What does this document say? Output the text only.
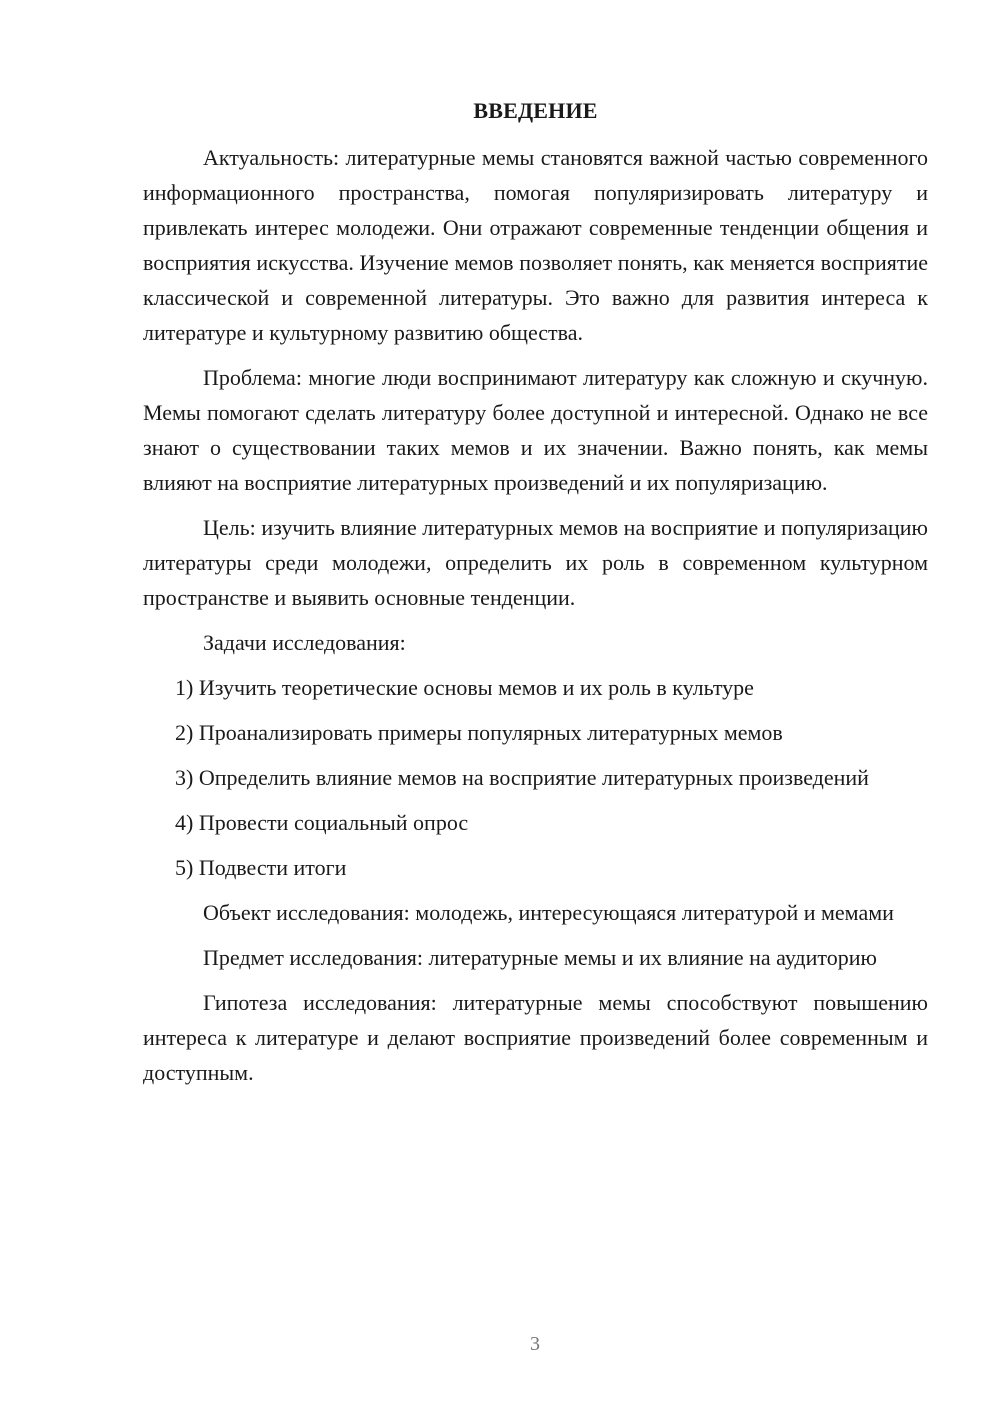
ВВЕДЕНИЕ

Актуальность: литературные мемы становятся важной частью современного информационного пространства, помогая популяризировать литературу и привлекать интерес молодежи. Они отражают современные тенденции общения и восприятия искусства. Изучение мемов позволяет понять, как меняется восприятие классической и современной литературы. Это важно для развития интереса к литературе и культурному развитию общества.

Проблема: многие люди воспринимают литературу как сложную и скучную. Мемы помогают сделать литературу более доступной и интересной. Однако не все знают о существовании таких мемов и их значении. Важно понять, как мемы влияют на восприятие литературных произведений и их популяризацию.

Цель: изучить влияние литературных мемов на восприятие и популяризацию литературы среди молодежи, определить их роль в современном культурном пространстве и выявить основные тенденции.

Задачи исследования:

1) Изучить теоретические основы мемов и их роль в культуре

2) Проанализировать примеры популярных литературных мемов

3) Определить влияние мемов на восприятие литературных произведений

4) Провести социальный опрос

5) Подвести итоги

Объект исследования: молодежь, интересующаяся литературой и мемами

Предмет исследования: литературные мемы и их влияние на аудиторию

Гипотеза исследования: литературные мемы способствуют повышению интереса к литературе и делают восприятие произведений более современным и доступным.

3
